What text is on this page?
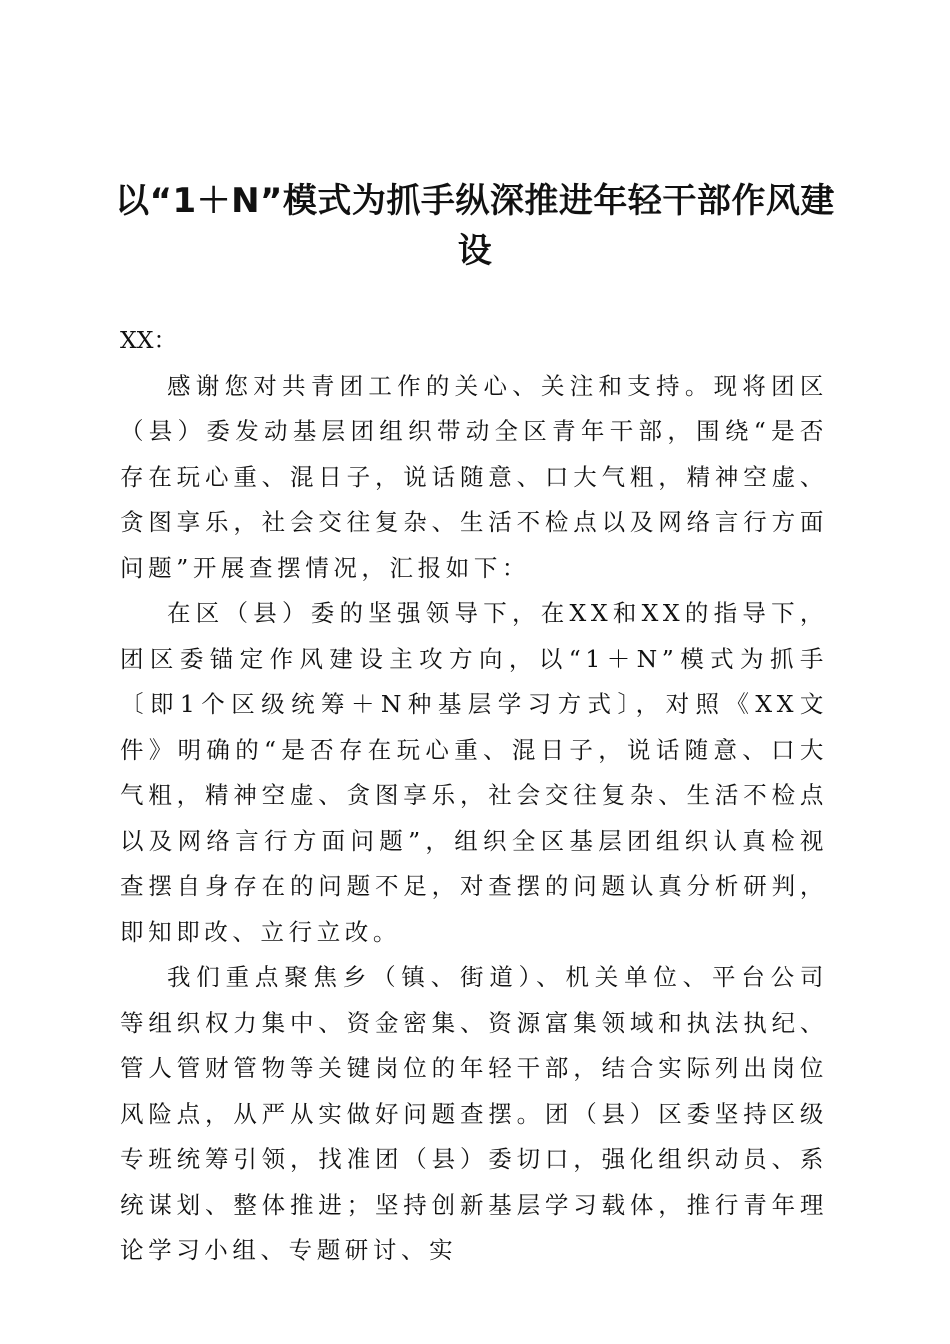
以“1＋N”模式为抓手纵深推进年轻干部作风建设

XX：

感谢您对共青团工作的关心、关注和支持。现将团区（县）委发动基层团组织带动全区青年干部，围绕“是否存在玩心重、混日子，说话随意、口大气粗，精神空虚、贪图享乐，社会交往复杂、生活不检点以及网络言行方面问题”开展查摆情况，汇报如下：

在区（县）委的坚强领导下，在XX和XX的指导下，团区委锚定作风建设主攻方向，以“1＋N”模式为抓手〔即1个区级统筹＋N种基层学习方式〕，对照《XX文件》明确的“是否存在玩心重、混日子，说话随意、口大气粗，精神空虚、贪图享乐，社会交往复杂、生活不检点以及网络言行方面问题”，组织全区基层团组织认真检视查摆自身存在的问题不足，对查摆的问题认真分析研判，即知即改、立行立改。

我们重点聚焦乡（镇、街道）、机关单位、平台公司等组织权力集中、资金密集、资源富集领域和执法执纪、管人管财管物等关键岗位的年轻干部，结合实际列出岗位风险点，从严从实做好问题查摆。团（县）区委坚持区级专班统筹引领，找准团（县）委切口，强化组织动员、系统谋划、整体推进；坚持创新基层学习载体，推行青年理论学习小组、专题研讨、实
